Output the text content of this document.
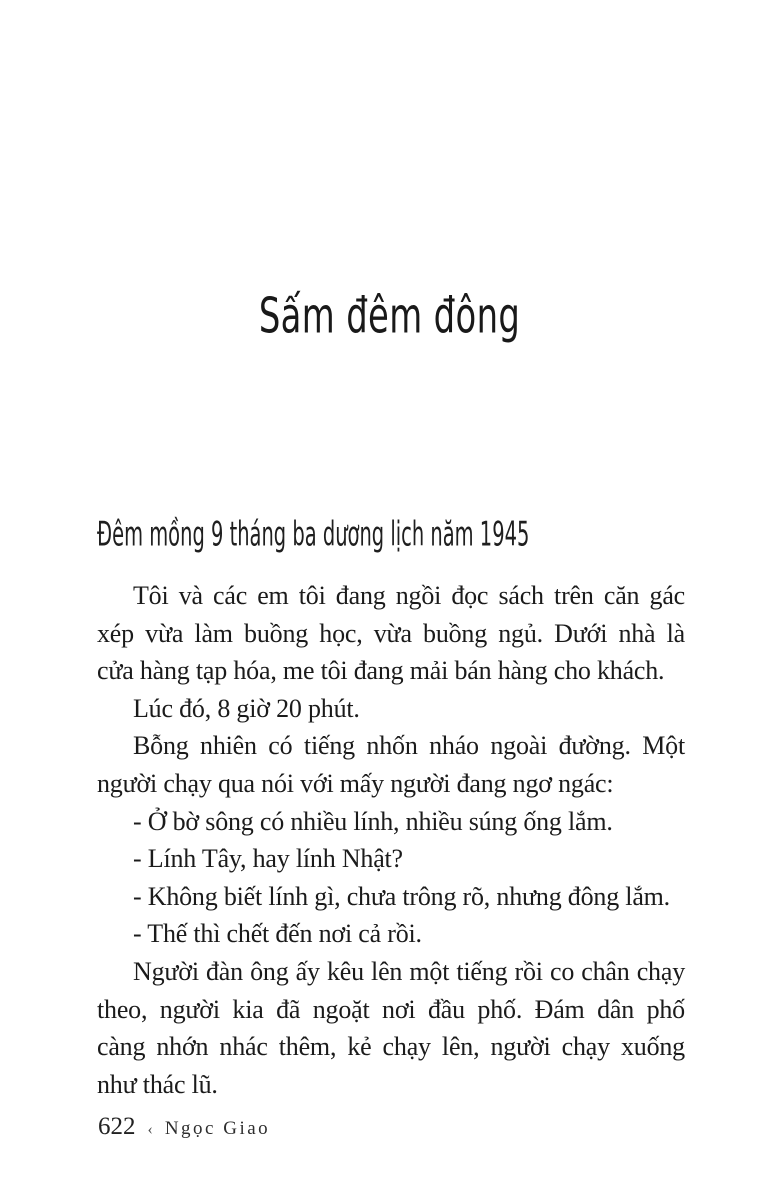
Sấm đêm đông
Đêm mồng 9 tháng ba dương lịch năm 1945
Tôi và các em tôi đang ngồi đọc sách trên căn gác
xép vừa làm buồng học, vừa buồng ngủ. Dưới nhà là
cửa hàng tạp hóa, me tôi đang mải bán hàng cho khách.
Lúc đó, 8 giờ 20 phút.
Bỗng nhiên có tiếng nhốn nháo ngoài đường. Một
người chạy qua nói với mấy người đang ngơ ngác:
- Ở bờ sông có nhiều lính, nhiều súng ống lắm.
- Lính Tây, hay lính Nhật?
- Không biết lính gì, chưa trông rõ, nhưng đông lắm.
- Thế thì chết đến nơi cả rồi.
Người đàn ông ấy kêu lên một tiếng rồi co chân chạy
theo, người kia đã ngoặt nơi đầu phố. Đám dân phố
càng nhớn nhác thêm, kẻ chạy lên, người chạy xuống
như thác lũ.
622 ‹ Ngọc Giao
